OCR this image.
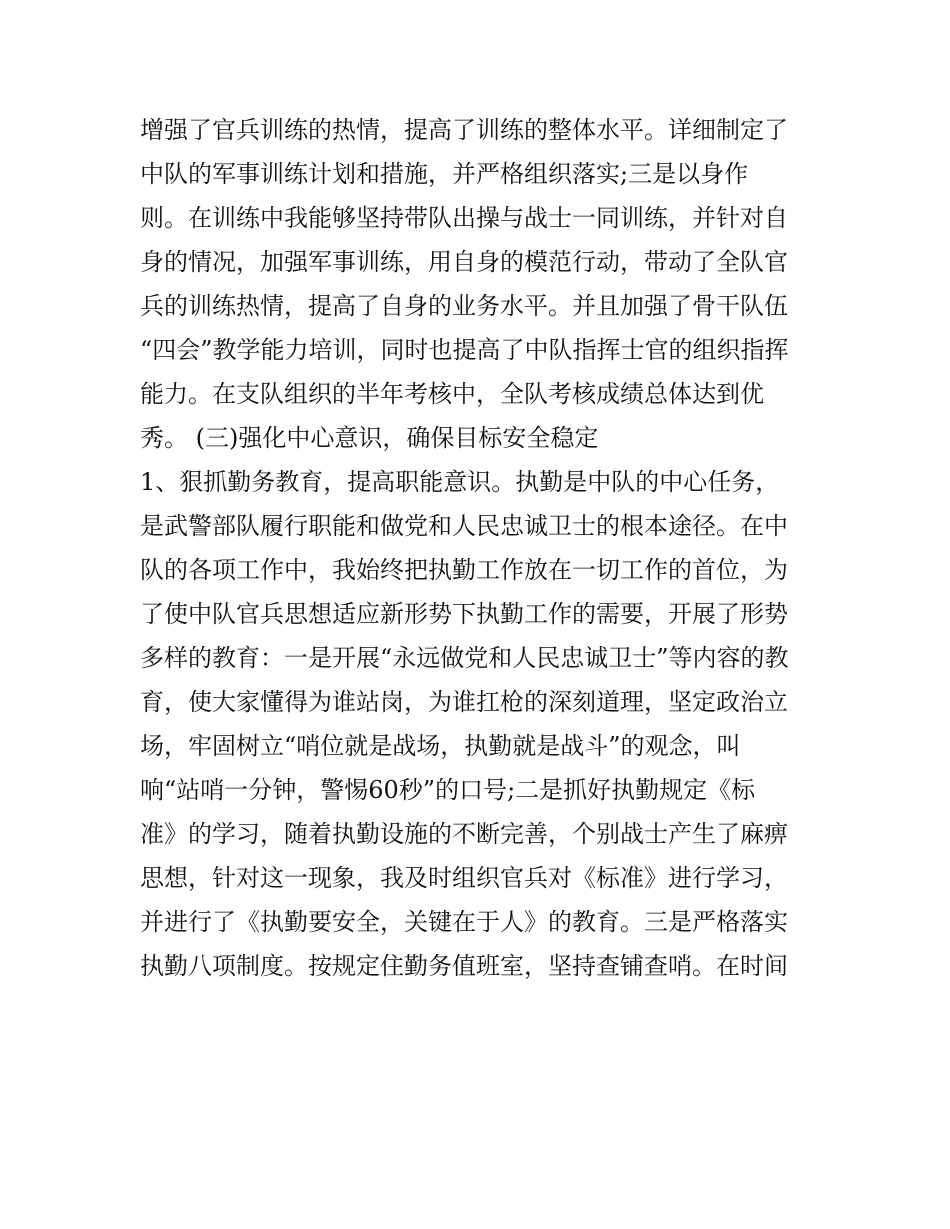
增强了官兵训练的热情，提高了训练的整体水平。详细制定了
中队的军事训练计划和措施，并严格组织落实;三是以身作
则。在训练中我能够坚持带队出操与战士一同训练，并针对自
身的情况，加强军事训练，用自身的模范行动，带动了全队官
兵的训练热情，提高了自身的业务水平。并且加强了骨干队伍
“四会”教学能力培训，同时也提高了中队指挥士官的组织指挥
能力。在支队组织的半年考核中，全队考核成绩总体达到优
秀。 (三)强化中心意识，确保目标安全稳定
1、狠抓勤务教育，提高职能意识。执勤是中队的中心任务，
是武警部队履行职能和做党和人民忠诚卫士的根本途径。在中
队的各项工作中，我始终把执勤工作放在一切工作的首位，为
了使中队官兵思想适应新形势下执勤工作的需要，开展了形势
多样的教育：一是开展“永远做党和人民忠诚卫士”等内容的教
育，使大家懂得为谁站岗，为谁扛枪的深刻道理，坚定政治立
场，牢固树立“哨位就是战场，执勤就是战斗”的观念，叫
响“站哨一分钟，警惕60秒”的口号;二是抓好执勤规定《标
准》的学习，随着执勤设施的不断完善，个别战士产生了麻痹
思想，针对这一现象，我及时组织官兵对《标准》进行学习，
并进行了《执勤要安全，关键在于人》的教育。三是严格落实
执勤八项制度。按规定住勤务值班室，坚持查铺查哨。在时间
